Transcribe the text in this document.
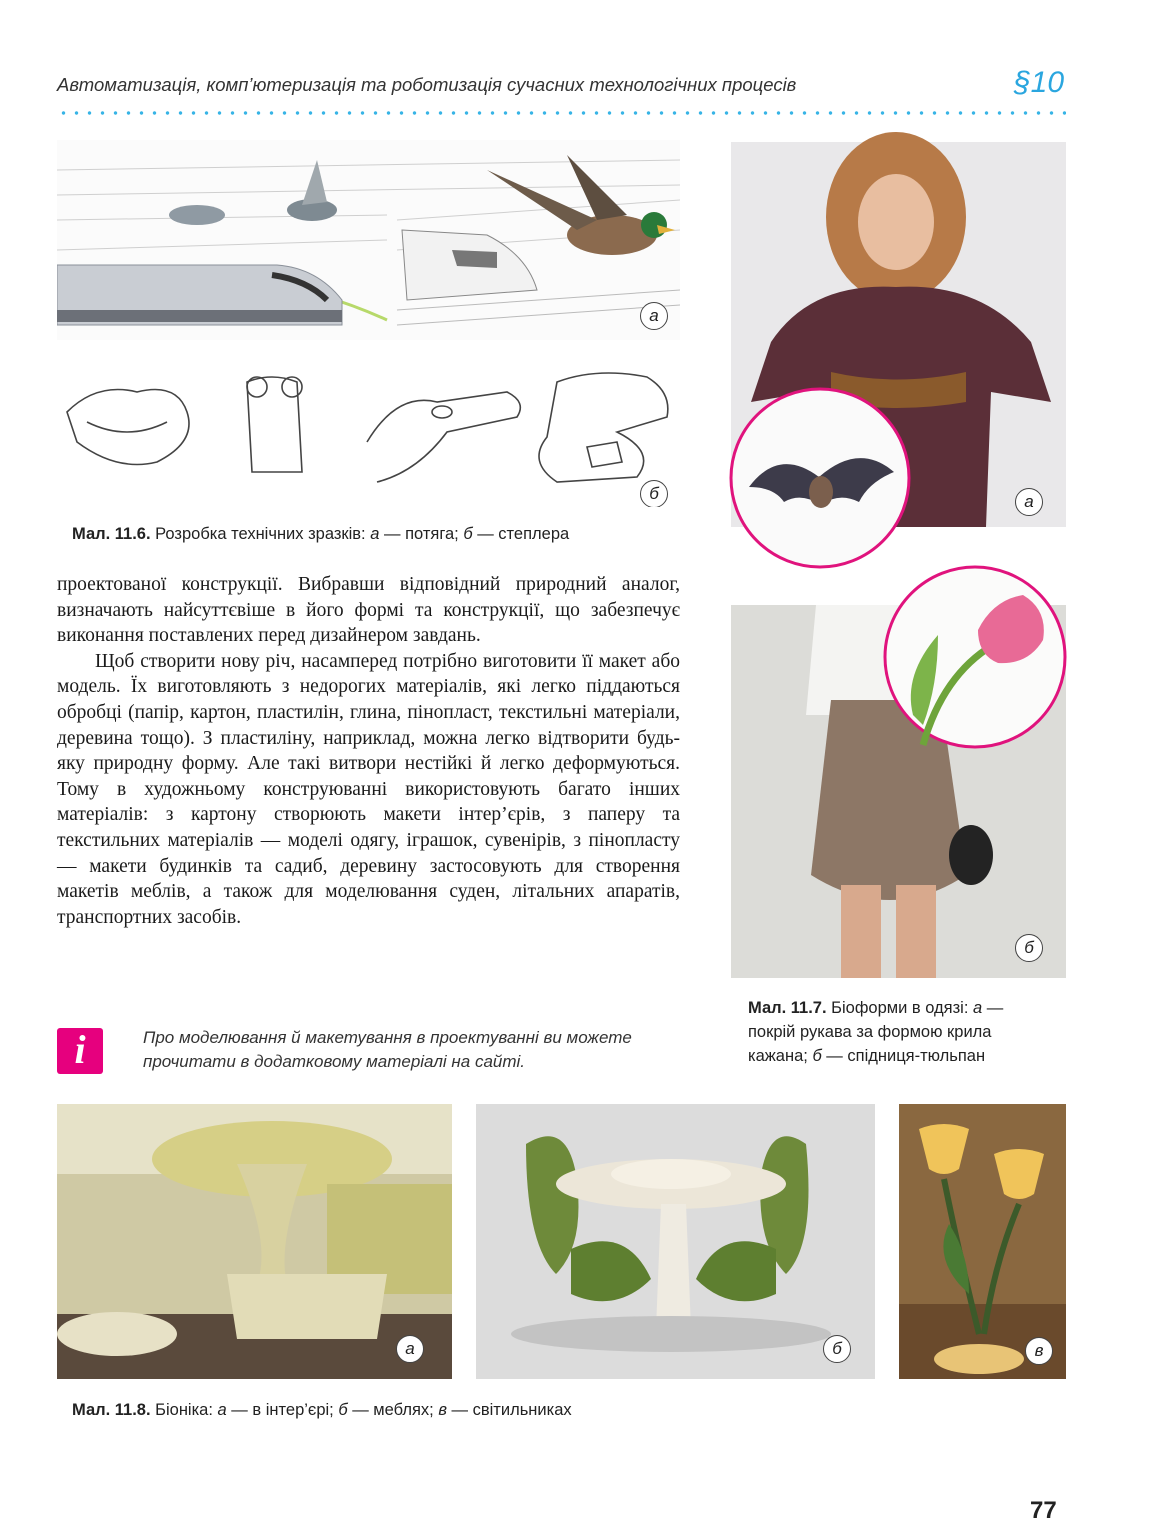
Автоматизація, комп’ютеризація та роботизація сучасних технологічних процесів	§10
а
б
Мал. 11.6. Розробка технічних зразків: а — потяга; б — степлера
а
б
Мал. 11.7. Біоформи в одязі: а — покрій рукава за формою крила кажана; б — спідниця-тюльпан

проектованої конструкції. Вибравши відповідний природний аналог, визначають найсуттєвіше в його формі та конструкції, що забезпечує виконання поставлених перед дизайнером завдань.

Щоб створити нову річ, насамперед потрібно виготовити її макет або модель. Їх виготовляють з недорогих матеріалів, які легко піддаються обробці (папір, картон, пластилін, глина, пінопласт, текстильні матеріали, деревина тощо). З пластиліну, наприклад, можна легко відтворити будь-яку природну форму. Але такі витвори нестійкі й легко деформуються. Тому в художньому конструюванні використовують багато інших матеріалів: з картону створюють макети інтер’єрів, з паперу та текстильних матеріалів — моделі одягу, іграшок, сувенірів, з пінопласту — макети будинків та садиб, деревину застосовують для створення макетів меблів, а також для моделювання суден, літальних апаратів, транспортних засобів.

i	Про моделювання й макетування в проектуванні ви можете прочитати в додатковому матеріалі на сайті.
а	б	в
Мал. 11.8. Біоніка: а — в інтер’єрі; б — меблях; в — світильниках
77
